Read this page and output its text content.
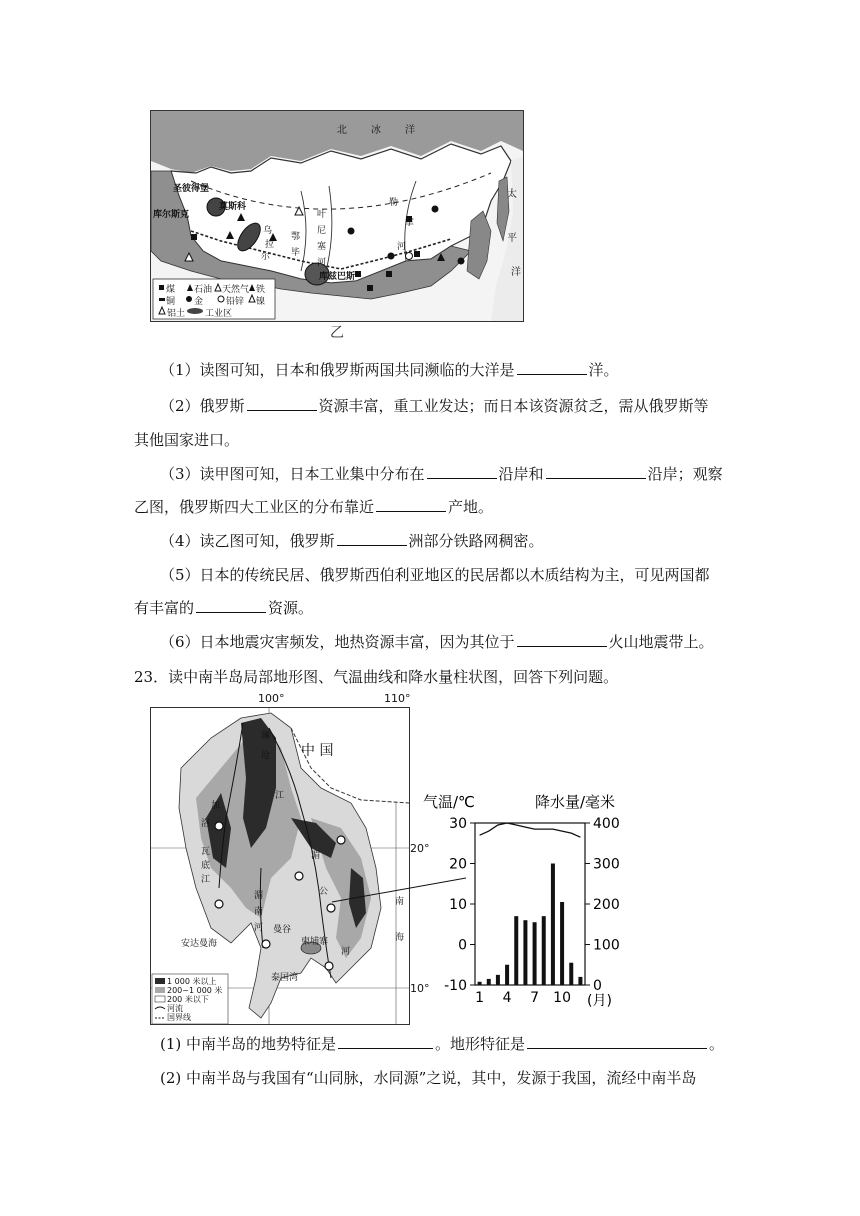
北 冰 洋
太
平
洋
圣彼得堡
莫斯科
库尔斯克
乌
拉
尔
叶
尼
塞
河
鄂
毕
勒
拿
河
库兹巴斯
煤 石油 天然气 铁
铜 金	铅锌 镍
铝土 工业区
乙
（1）读图可知，日本和俄罗斯两国共同濒临的大洋是	洋。
（2）俄罗斯	资源丰富，重工业发达；而日本该资源贫乏，需从俄罗斯等
其他国家进口。
（3）读甲图可知，日本工业集中分布在	沿岸和	沿岸；观察
乙图，俄罗斯四大工业区的分布靠近	产地。
（4）读乙图可知，俄罗斯	洲部分铁路网稠密。
（5）日本的传统民居、俄罗斯西伯利亚地区的民居都以木质结构为主，可见两国都
有丰富的	资源。
（6）日本地震灾害频发，地热资源丰富，因为其位于	火山地震带上。
23．读中南半岛局部地形图、气温曲线和降水量柱状图，回答下列问题。
100°	110°
20°
10°
中 国
澜
沧
江
加
洛
瓦
底
江
湄
公
河
湄
南
河 曼谷
柬埔寨
安达曼海
泰国湾
南
海
1 000 米以上
200~1 000 米
200 米以下
河流
国界线
气温/℃	降水量/毫米
30
20
10
0
-10
400
300
200
100
0
1 4 7 10 (月)
(1) 中南半岛的地势特征是	。地形特征是	。
(2) 中南半岛与我国有“山同脉，水同源”之说，其中，发源于我国，流经中南半岛
